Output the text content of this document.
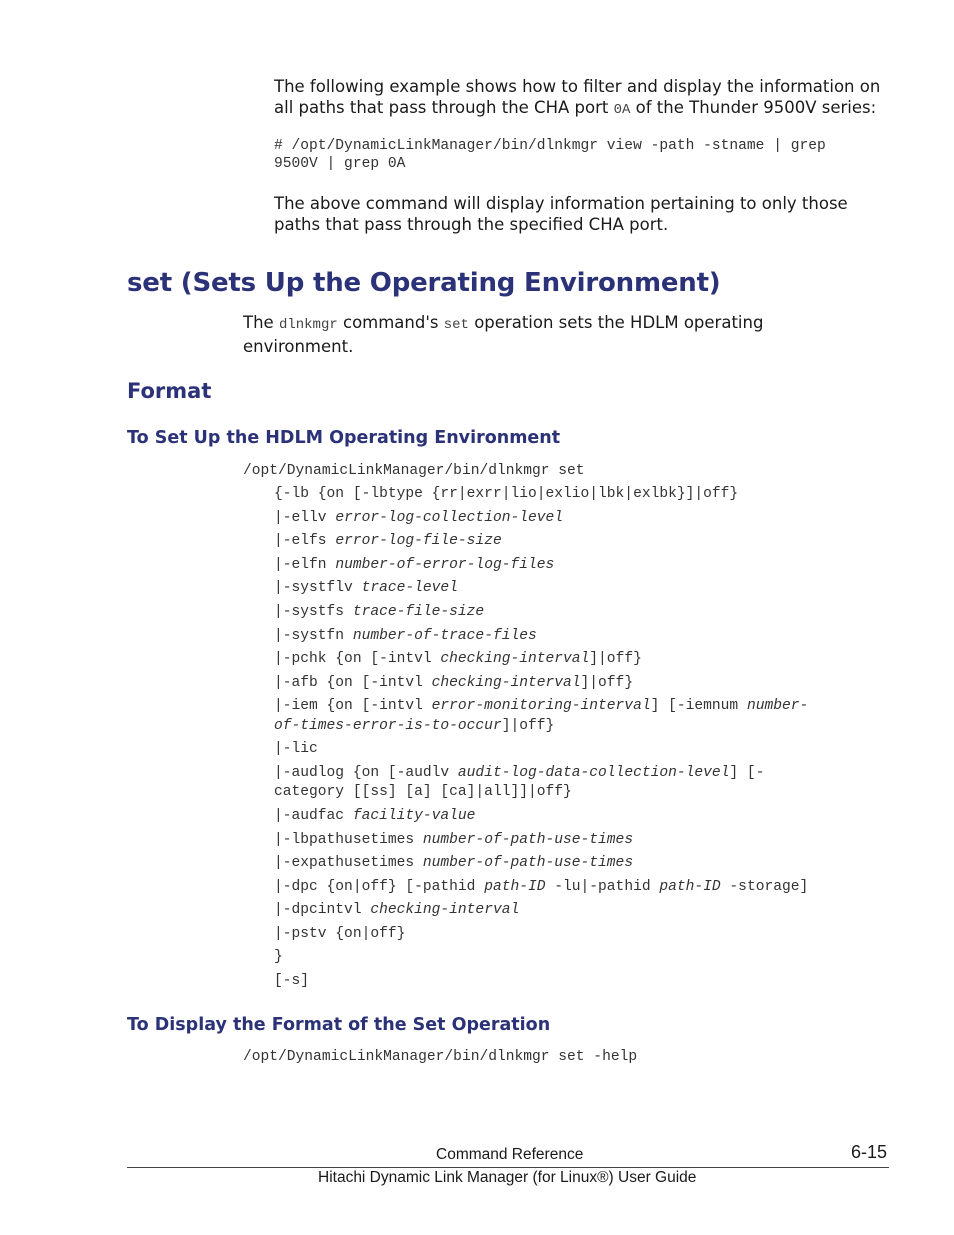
The following example shows how to filter and display the information on
all paths that pass through the CHA port 0A of the Thunder 9500V series:
# /opt/DynamicLinkManager/bin/dlnkmgr view -path -stname | grep
9500V | grep 0A
The above command will display information pertaining to only those
paths that pass through the specified CHA port.
set (Sets Up the Operating Environment)
The dlnkmgr command's set operation sets the HDLM operating
environment.
Format
To Set Up the HDLM Operating Environment
/opt/DynamicLinkManager/bin/dlnkmgr set
{-lb {on [-lbtype {rr|exrr|lio|exlio|lbk|exlbk}]|off}
|-ellv error-log-collection-level
|-elfs error-log-file-size
|-elfn number-of-error-log-files
|-systflv trace-level
|-systfs trace-file-size
|-systfn number-of-trace-files
|-pchk {on [-intvl checking-interval]|off}
|-afb {on [-intvl checking-interval]|off}
|-iem {on [-intvl error-monitoring-interval] [-iemnum number-
of-times-error-is-to-occur]|off}
|-lic
|-audlog {on [-audlv audit-log-data-collection-level] [-
category [[ss] [a] [ca]|all]]|off}
|-audfac facility-value
|-lbpathusetimes number-of-path-use-times
|-expathusetimes number-of-path-use-times
|-dpc {on|off} [-pathid path-ID -lu|-pathid path-ID -storage]
|-dpcintvl checking-interval
|-pstv {on|off}
}
[-s]
To Display the Format of the Set Operation
/opt/DynamicLinkManager/bin/dlnkmgr set -help
Command Reference	6-15
Hitachi Dynamic Link Manager (for Linux®) User Guide
